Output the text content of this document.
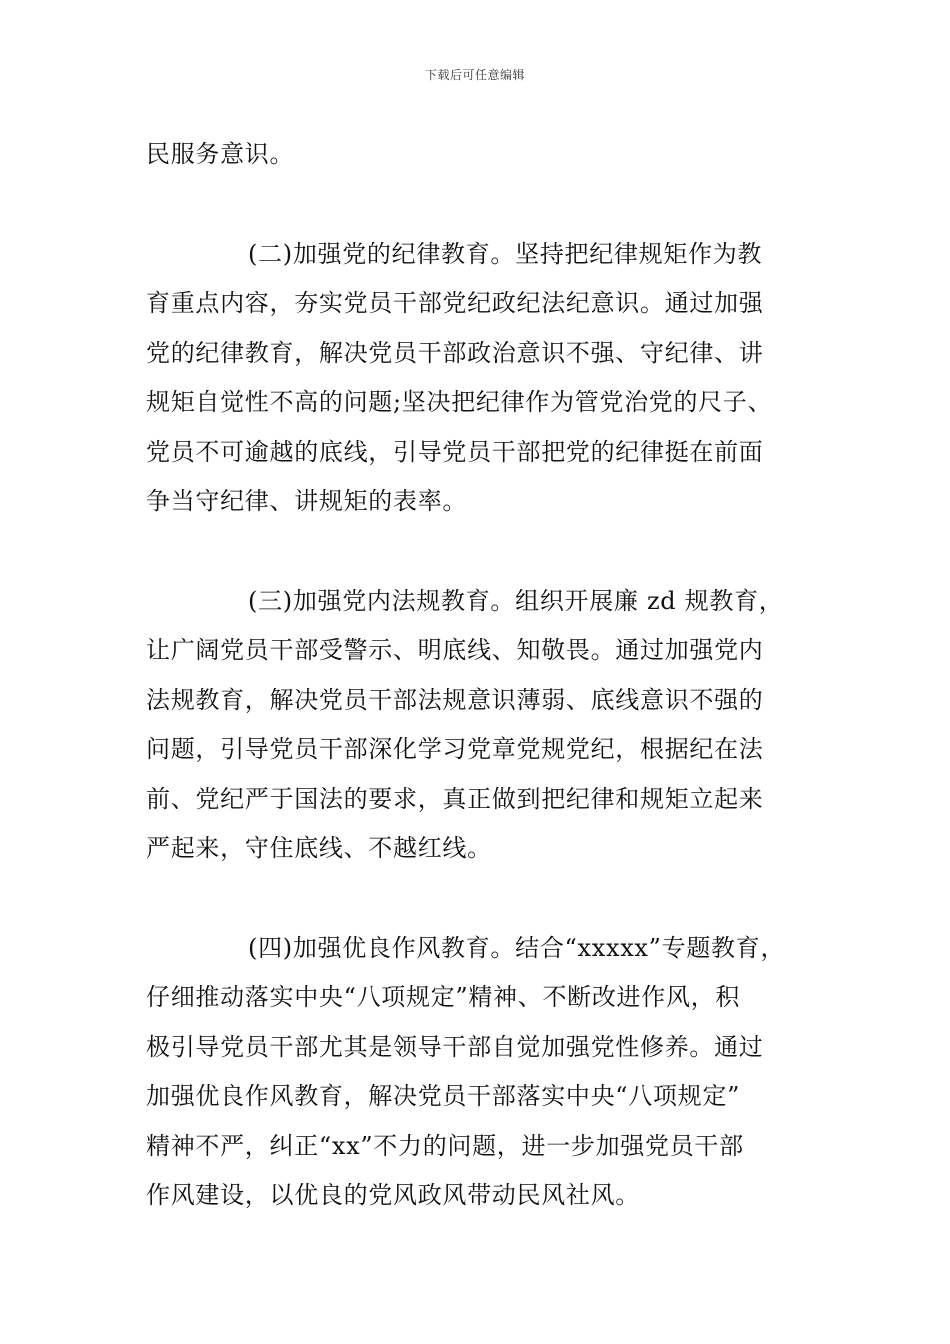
下载后可任意编辑
民服务意识。
(二)加强党的纪律教育。坚持把纪律规矩作为教
育重点内容，夯实党员干部党纪政纪法纪意识。通过加强
党的纪律教育，解决党员干部政治意识不强、守纪律、讲
规矩自觉性不高的问题;坚决把纪律作为管党治党的尺子、
党员不可逾越的底线，引导党员干部把党的纪律挺在前面
争当守纪律、讲规矩的表率。
(三)加强党内法规教育。组织开展廉 zd 规教育，
让广阔党员干部受警示、明底线、知敬畏。通过加强党内
法规教育，解决党员干部法规意识薄弱、底线意识不强的
问题，引导党员干部深化学习党章党规党纪，根据纪在法
前、党纪严于国法的要求，真正做到把纪律和规矩立起来
严起来，守住底线、不越红线。
(四)加强优良作风教育。结合“xxxxx”专题教育，
仔细推动落实中央“八项规定”精神、不断改进作风，积
极引导党员干部尤其是领导干部自觉加强党性修养。通过
加强优良作风教育，解决党员干部落实中央“八项规定”
精神不严，纠正“xx”不力的问题，进一步加强党员干部
作风建设，以优良的党风政风带动民风社风。
